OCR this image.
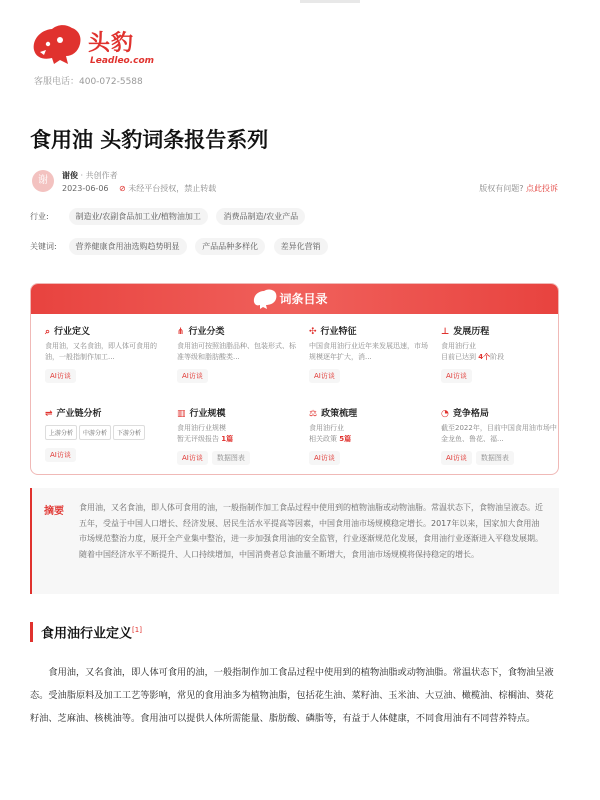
头豹
Leadleo.com
客服电话：400-072-5588
食用油 头豹词条报告系列
谢	谢俊 · 共创作者
2023-06-06 ⊘ 未经平台授权，禁止转载	版权有问题? 点此投诉
行业:	制造业/农副食品加工业/植物油加工	消费品制造/农业产品
关键词: 营养健康食用油选购趋势明显	产品品种多样化	差异化营销
词条目录
⌕ 行业定义
食用油，又名食油，即人体可食用的油，一般指制作加工...
AI访谈
⋔ 行业分类
食用油可按照油脂品种、包装形式、标准等级和脂肪酸类...
AI访谈
✣ 行业特征
中国食用油行业近年来发展迅速，市场规模逐年扩大，消...
AI访谈
⊥ 发展历程
食用油行业
目前已达到 4个阶段
AI访谈
⇌ 产业链分析
上游分析 中游分析 下游分析
AI访谈
▥ 行业规模
食用油行业规模
暂无评级报告 1篇
AI访谈 数据图表
⚖ 政策梳理
食用油行业
相关政策 5篇
AI访谈
◔ 竞争格局
截至2022年，目前中国食用油市场中金龙鱼、鲁花、福...
AI访谈 数据图表
摘要 食用油，又名食油，即人体可食用的油，一般指制作加工食品过程中使用到的植物油脂或动物油脂。常温状态下，食物油呈液态。近五年，受益于中国人口增长、经济发展、居民生活水平提高等因素，中国食用油市场规模稳定增长。2017年以来，国家加大食用油市场规范整治力度，展开全产业集中整治，进一步加强食用油的安全监管，行业逐渐规范化发展，食用油行业逐渐进入平稳发展期。随着中国经济水平不断提升、人口持续增加，中国消费者总食油量不断增大，食用油市场规模将保持稳定的增长。
食用油行业定义[1]
食用油，又名食油，即人体可食用的油，一般指制作加工食品过程中使用到的植物油脂或动物油脂。常温状态下，食物油呈液态。受油脂原料及加工工艺等影响，常见的食用油多为植物油脂，包括花生油、菜籽油、玉米油、大豆油、橄榄油、棕榈油、葵花籽油、芝麻油、核桃油等。食用油可以提供人体所需能量、脂肪酸、磷脂等，有益于人体健康，不同食用油有不同营养特点。
